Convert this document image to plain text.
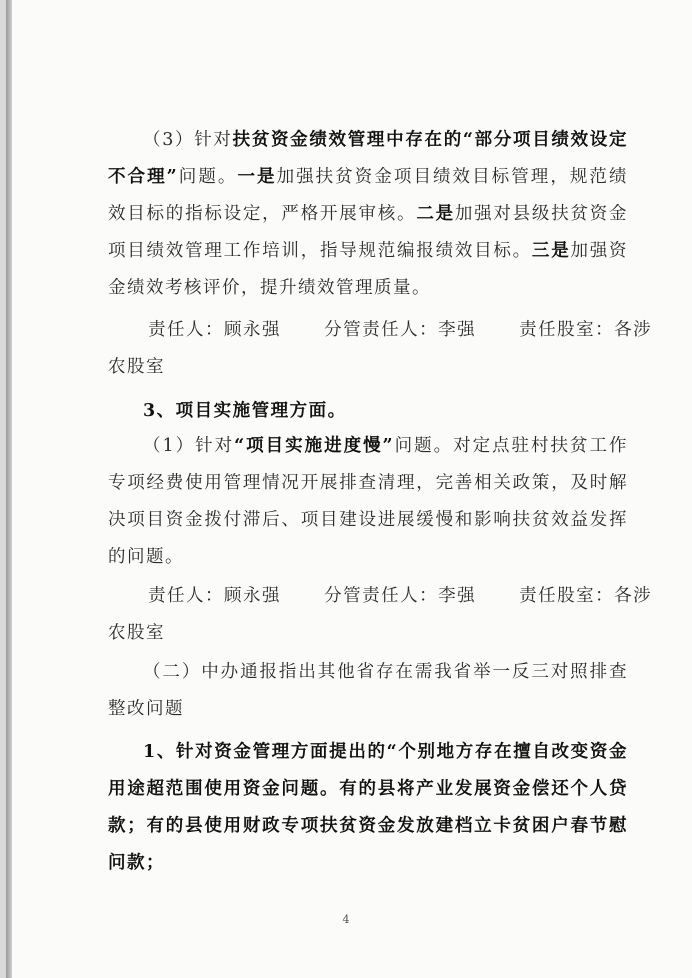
（3）针对扶贫资金绩效管理中存在的“部分项目绩效设定不合理”问题。一是加强扶贫资金项目绩效目标管理，规范绩效目标的指标设定，严格开展审核。二是加强对县级扶贫资金项目绩效管理工作培训，指导规范编报绩效目标。三是加强资金绩效考核评价，提升绩效管理质量。

责任人：顾永强 分管责任人：李强 责任股室：各涉
农股室
3、项目实施管理方面。

（1）针对“项目实施进度慢”问题。对定点驻村扶贫工作专项经费使用管理情况开展排查清理，完善相关政策，及时解决项目资金拨付滞后、项目建设进展缓慢和影响扶贫效益发挥的问题。

责任人：顾永强 分管责任人：李强 责任股室：各涉
农股室

（二）中办通报指出其他省存在需我省举一反三对照排查整改问题

1、针对资金管理方面提出的“个别地方存在擅自改变资金用途超范围使用资金问题。有的县将产业发展资金偿还个人贷款；有的县使用财政专项扶贫资金发放建档立卡贫困户春节慰问款；

4
